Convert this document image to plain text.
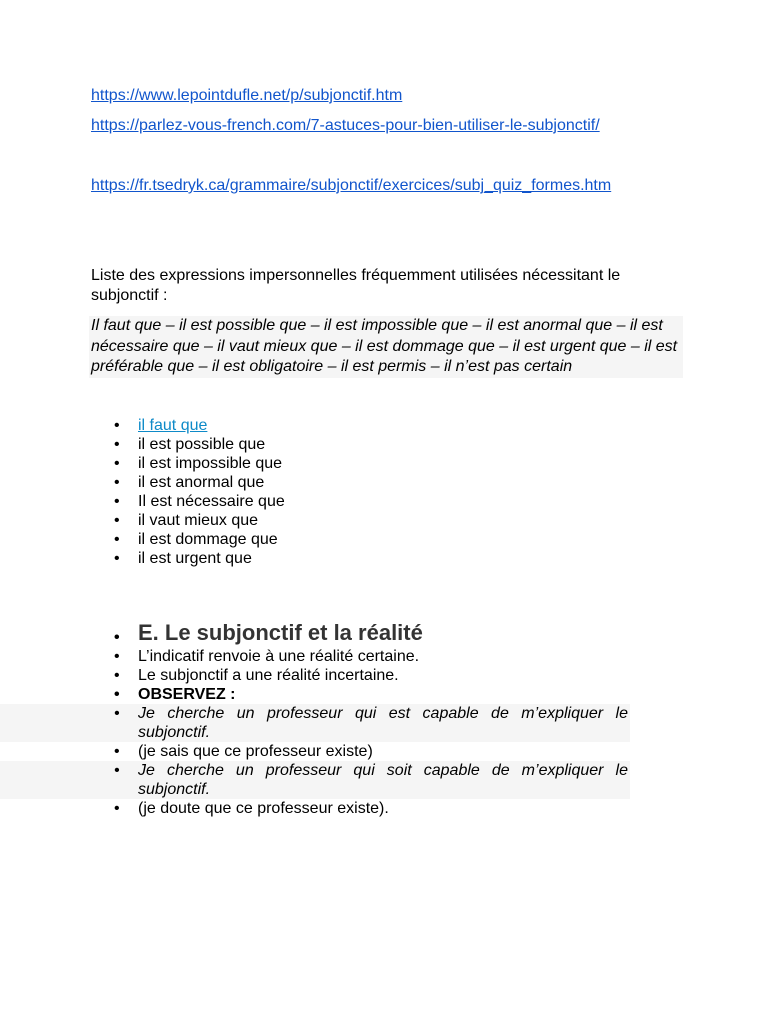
https://www.lepointdufle.net/p/subjonctif.htm
https://parlez-vous-french.com/7-astuces-pour-bien-utiliser-le-subjonctif/
https://fr.tsedryk.ca/grammaire/subjonctif/exercices/subj_quiz_formes.htm
Liste des expressions impersonnelles fréquemment utilisées nécessitant le subjonctif :
Il faut que – il est possible que – il est impossible que – il est anormal que – il est nécessaire que – il vaut mieux que – il est dommage que – il est urgent que – il est préférable que – il est obligatoire – il est permis – il n’est pas certain
• il faut que
• il est possible que
• il est impossible que
• il est anormal que
• Il est nécessaire que
• il vaut mieux que
• il est dommage que
• il est urgent que
• E. Le subjonctif et la réalité
• L’indicatif renvoie à une réalité certaine.
• Le subjonctif a une réalité incertaine.
• OBSERVEZ :
• Je cherche un professeur qui est capable de m’expliquer le subjonctif.
• (je sais que ce professeur existe)
• Je cherche un professeur qui soit capable de m’expliquer le subjonctif.
• (je doute que ce professeur existe).
